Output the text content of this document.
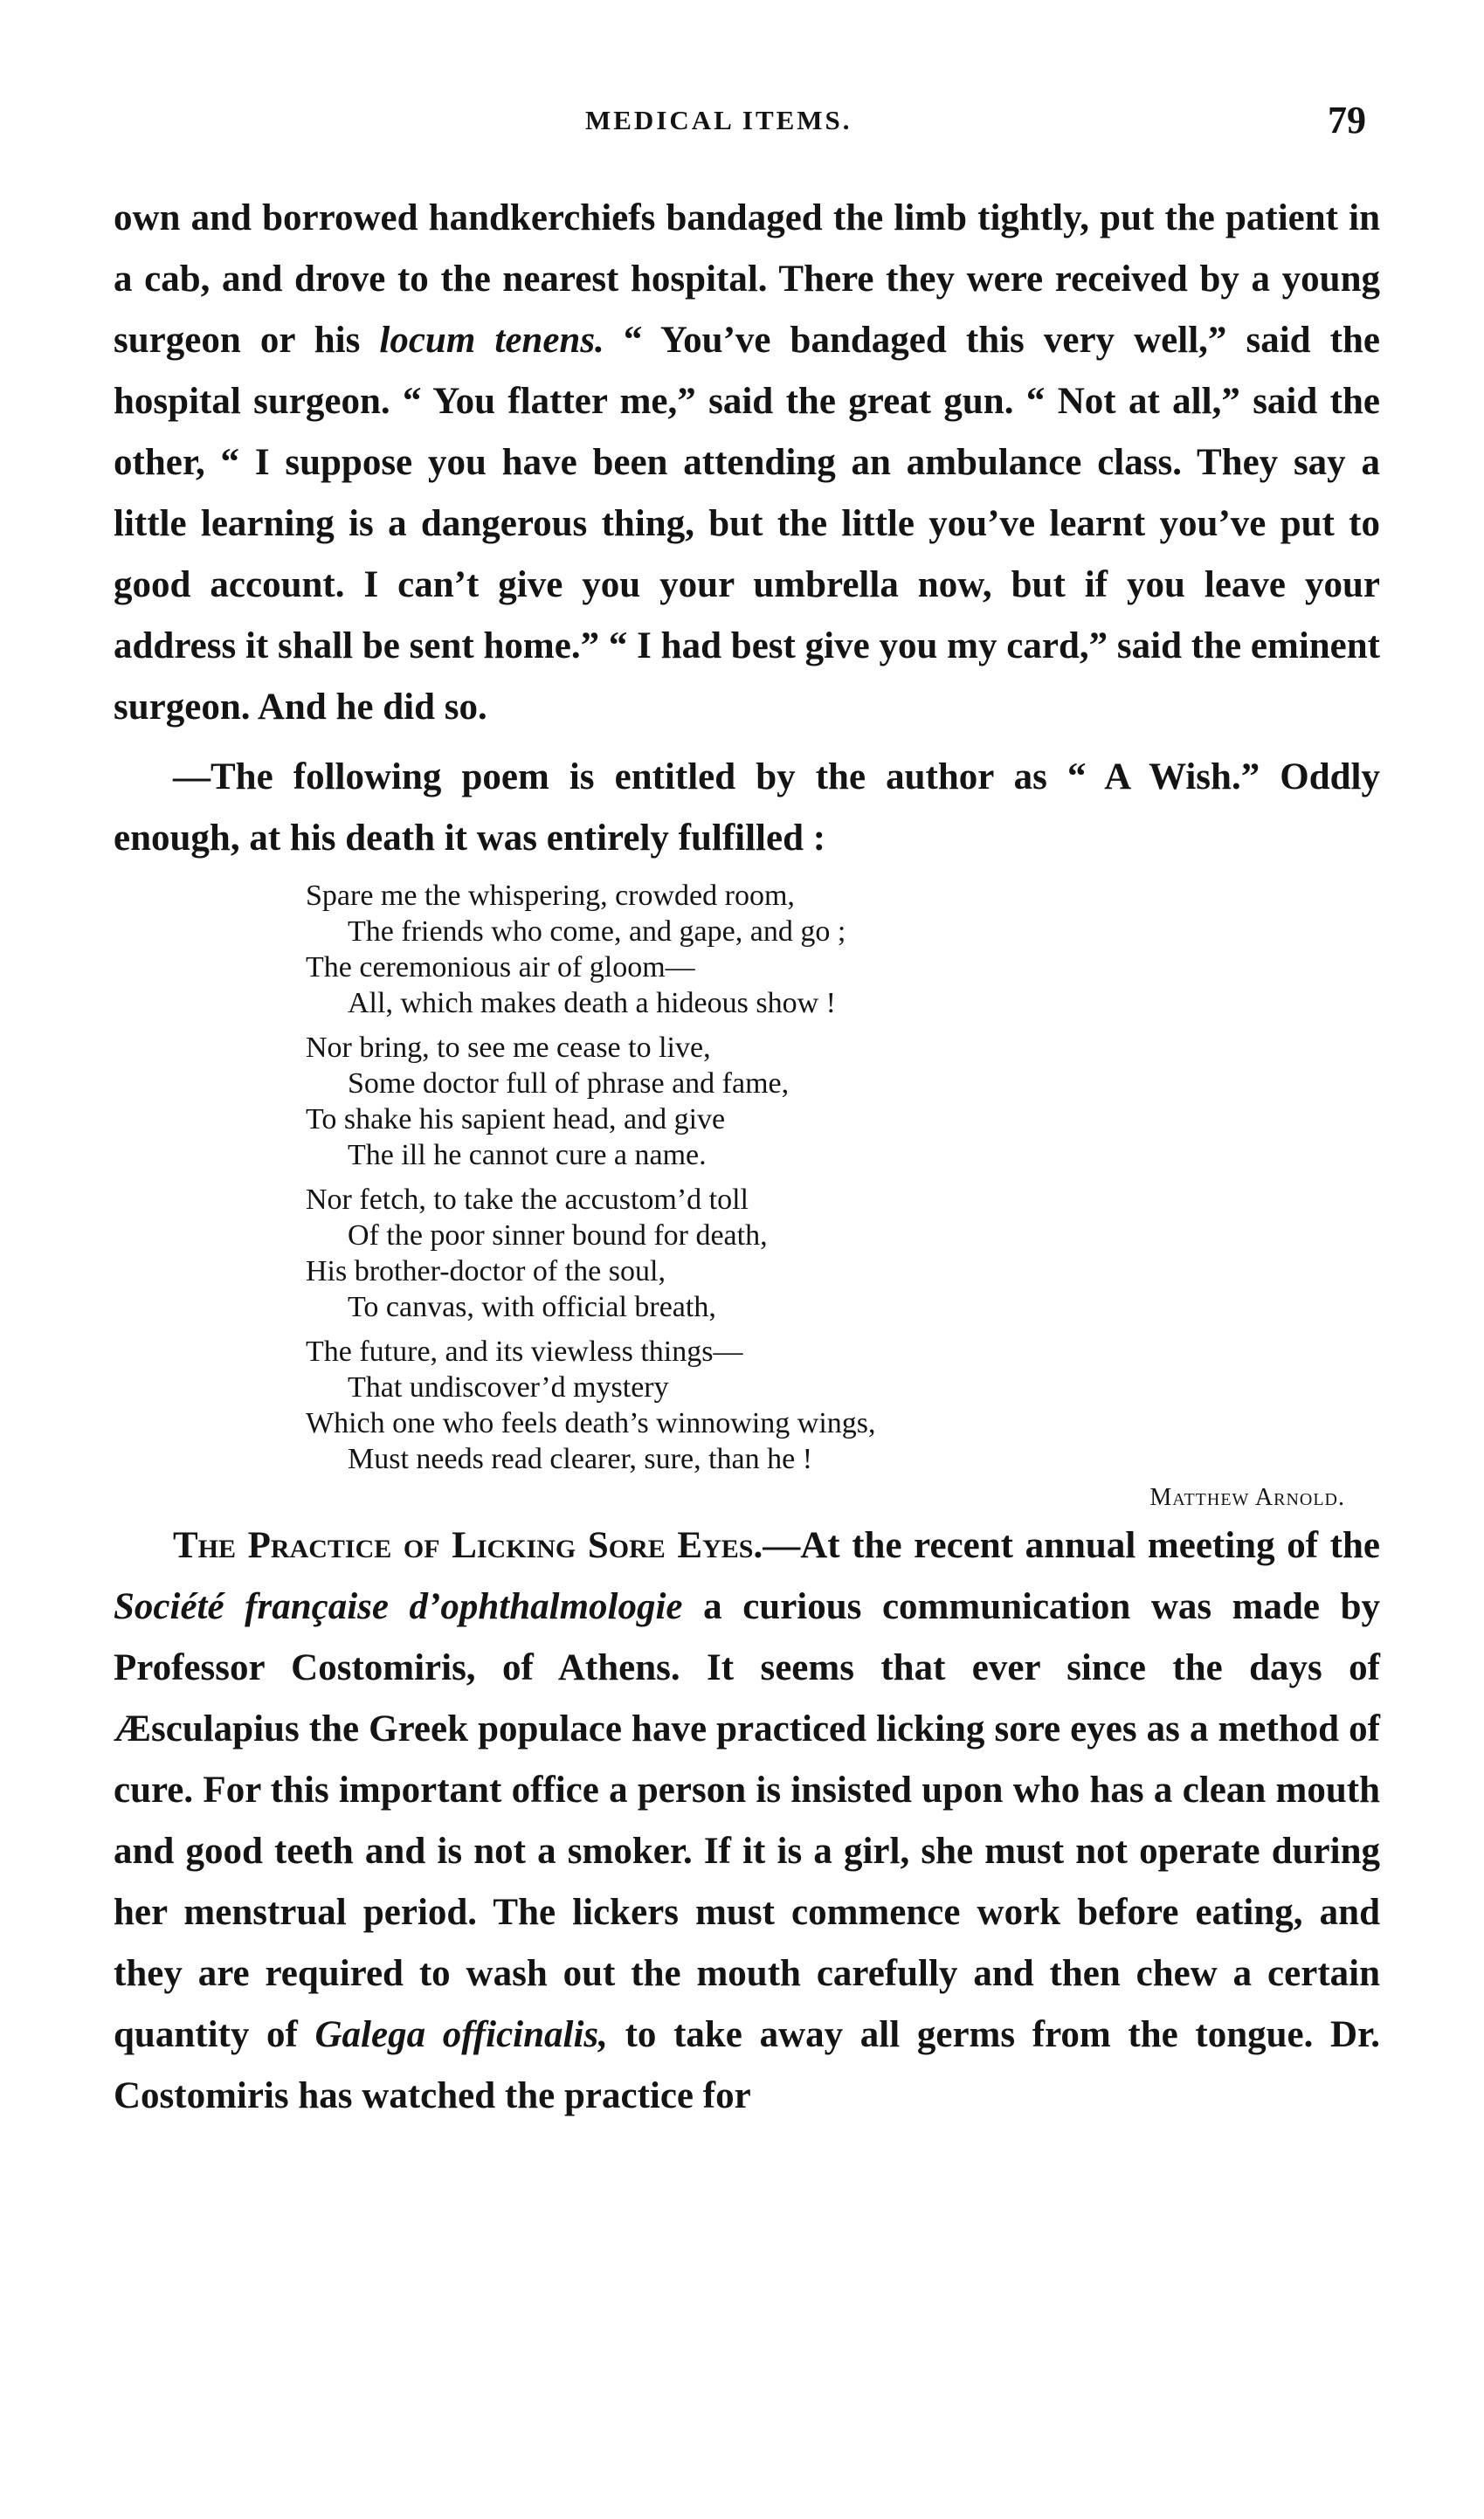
MEDICAL ITEMS.	79

own and borrowed handkerchiefs bandaged the limb tightly, put the patient in a cab, and drove to the nearest hospital. There they were received by a young surgeon or his locum tenens. “ You’ve bandaged this very well,” said the hospital surgeon. “ You flatter me,” said the great gun. “ Not at all,” said the other, “ I suppose you have been attending an ambulance class. They say a little learning is a dangerous thing, but the little you’ve learnt you’ve put to good account. I can’t give you your umbrella now, but if you leave your address it shall be sent home.” “ I had best give you my card,” said the eminent surgeon. And he did so.

—The following poem is entitled by the author as “ A Wish.” Oddly enough, at his death it was entirely fulfilled :

Spare me the whispering, crowded room,
The friends who come, and gape, and go ;
The ceremonious air of gloom—
All, which makes death a hideous show !
Nor bring, to see me cease to live,
Some doctor full of phrase and fame,
To shake his sapient head, and give
The ill he cannot cure a name.
Nor fetch, to take the accustom’d toll
Of the poor sinner bound for death,
His brother-doctor of the soul,
To canvas, with official breath,
The future, and its viewless things—
That undiscover’d mystery
Which one who feels death’s winnowing wings,
Must needs read clearer, sure, than he !
Matthew Arnold.

The Practice of Licking Sore Eyes.—At the recent annual meeting of the Société française d’ophthalmologie a curious communication was made by Professor Costomiris, of Athens. It seems that ever since the days of Æsculapius the Greek populace have practiced licking sore eyes as a method of cure. For this important office a person is insisted upon who has a clean mouth and good teeth and is not a smoker. If it is a girl, she must not operate during her menstrual period. The lickers must commence work before eating, and they are required to wash out the mouth carefully and then chew a certain quantity of Galega officinalis, to take away all germs from the tongue. Dr. Costomiris has watched the practice for
